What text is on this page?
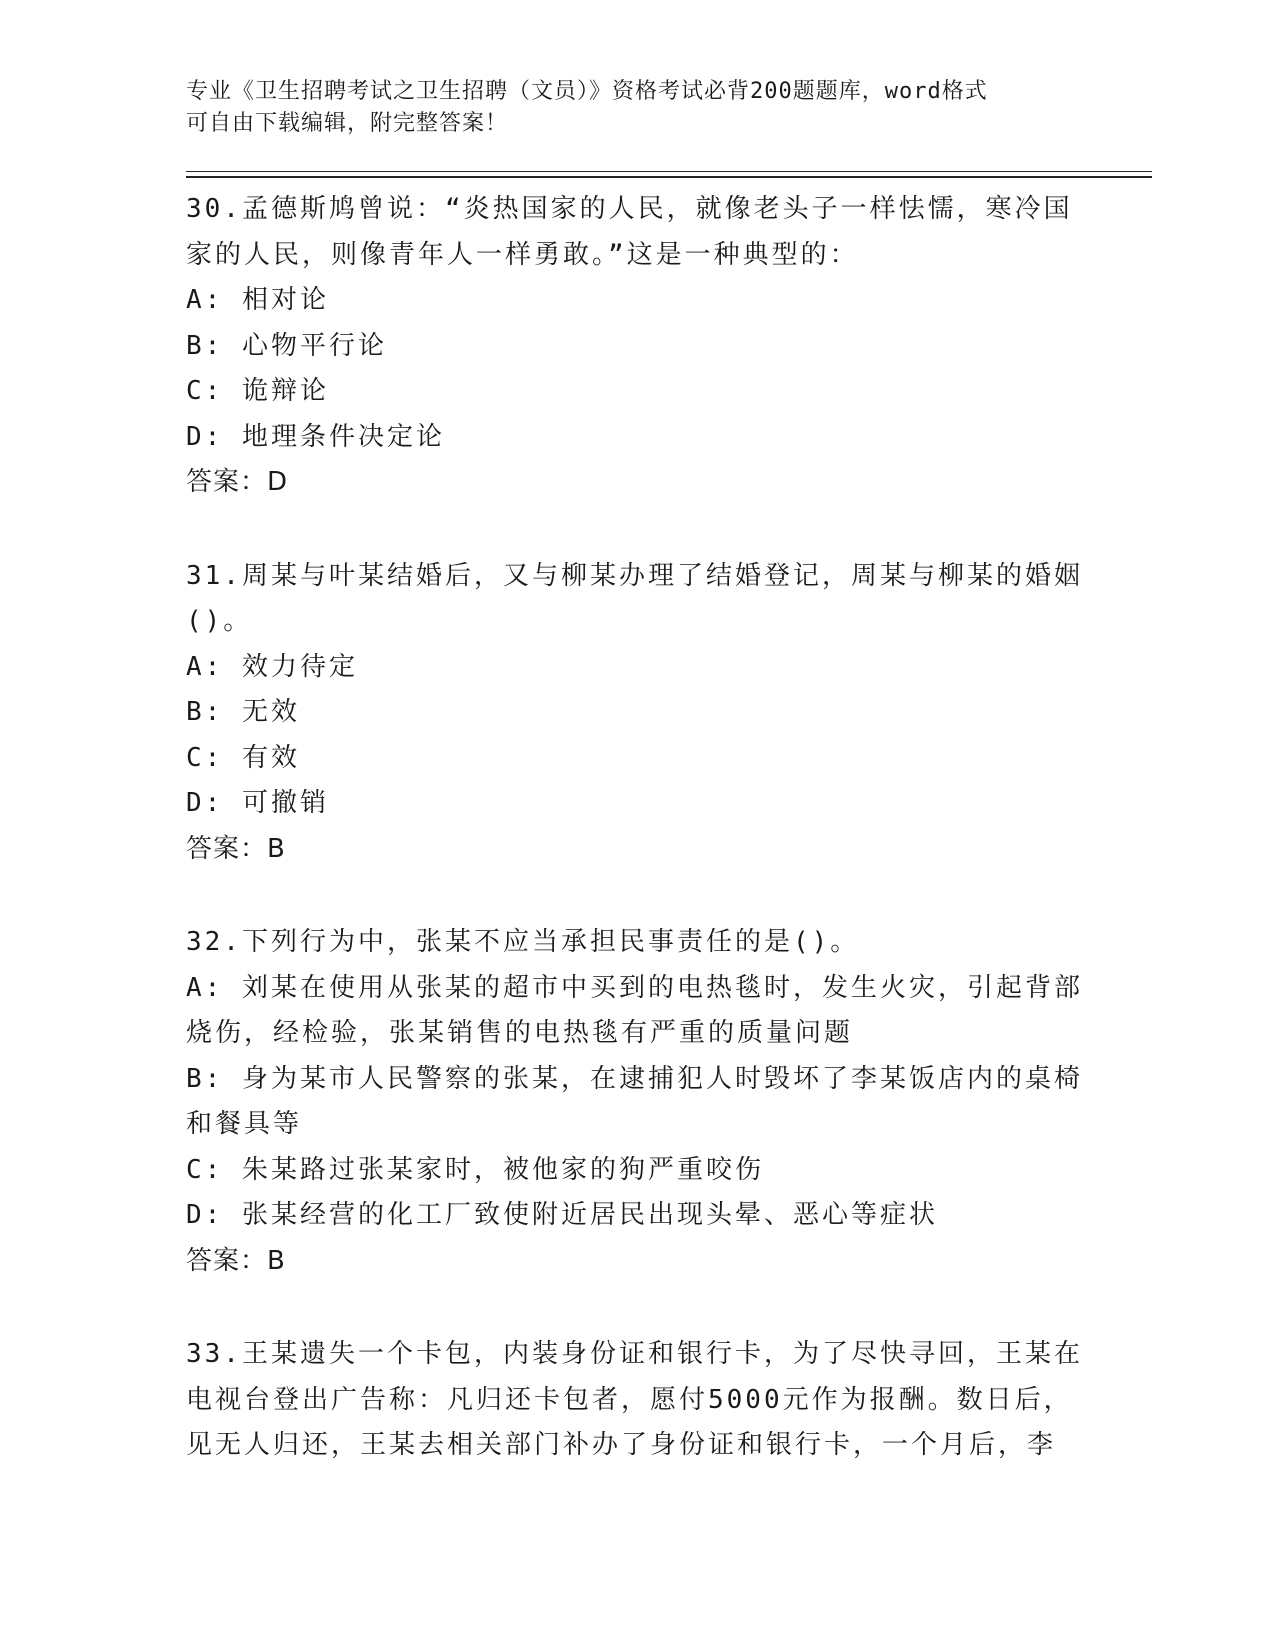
专业《卫生招聘考试之卫生招聘（文员）》资格考试必背200题题库，word格式
可自由下载编辑，附完整答案！
30.孟德斯鸠曾说：“炎热国家的人民，就像老头子一样怯懦，寒冷国
家的人民，则像青年人一样勇敢。”这是一种典型的：
A: 相对论
B: 心物平行论
C: 诡辩论
D: 地理条件决定论
答案：D
31.周某与叶某结婚后，又与柳某办理了结婚登记，周某与柳某的婚姻
()。
A: 效力待定
B: 无效
C: 有效
D: 可撤销
答案：B
32.下列行为中，张某不应当承担民事责任的是()。
A: 刘某在使用从张某的超市中买到的电热毯时，发生火灾，引起背部
烧伤，经检验，张某销售的电热毯有严重的质量问题
B: 身为某市人民警察的张某，在逮捕犯人时毁坏了李某饭店内的桌椅
和餐具等
C: 朱某路过张某家时，被他家的狗严重咬伤
D: 张某经营的化工厂致使附近居民出现头晕、恶心等症状
答案：B
33.王某遗失一个卡包，内装身份证和银行卡，为了尽快寻回，王某在
电视台登出广告称：凡归还卡包者，愿付5000元作为报酬。数日后，
见无人归还，王某去相关部门补办了身份证和银行卡，一个月后，李
